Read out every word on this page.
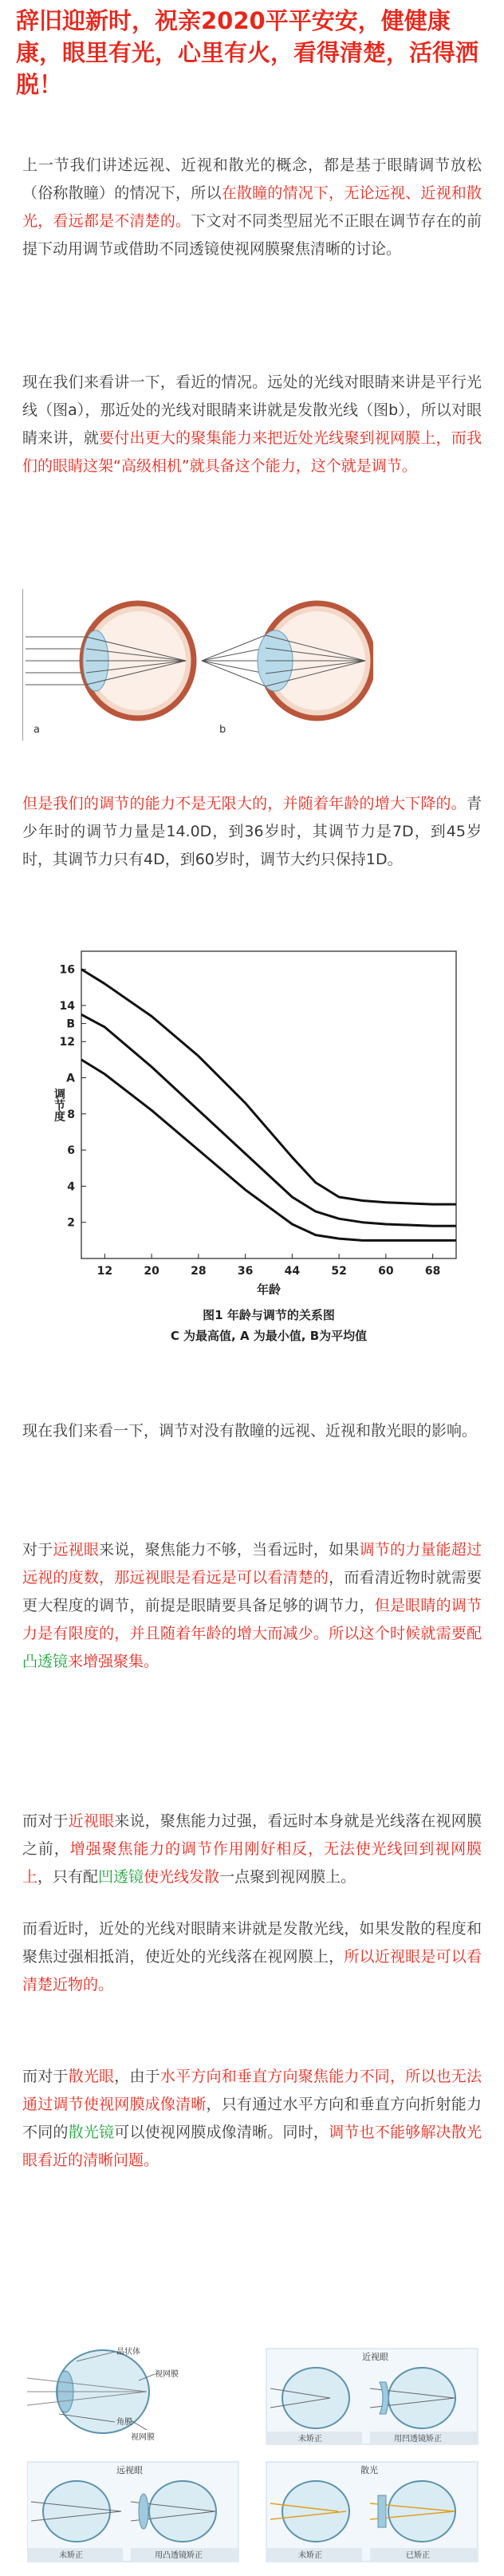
辞旧迎新时，祝亲2020平平安安，健健康康，眼里有光，心里有火，看得清楚，活得洒脱！

上一节我们讲述远视、近视和散光的概念，都是基于眼睛调节放松（俗称散瞳）的情况下，所以在散瞳的情况下，无论远视、近视和散光，看远都是不清楚的。下文对不同类型屈光不正眼在调节存在的前提下动用调节或借助不同透镜使视网膜聚焦清晰的讨论。

现在我们来看讲一下，看近的情况。远处的光线对眼睛来讲是平行光线（图a），那近处的光线对眼睛来讲就是发散光线（图b），所以对眼睛来讲，就要付出更大的聚集能力来把近处光线聚到视网膜上，而我们的眼睛这架“高级相机”就具备这个能力，这个就是调节。

a	b

但是我们的调节的能力不是无限大的，并随着年龄的增大下降的。青少年时的调节力量是14.0D，到36岁时，其调节力是7D，到45岁时，其调节力只有4D，到60岁时，调节大约只保持1D。

16
14
B
12
A
8
6
4
2
12	20	28	36	44	52	60	68
调节度
年龄
图1 年龄与调节的关系图
C 为最高值, A 为最小值, B为平均值

现在我们来看一下，调节对没有散瞳的远视、近视和散光眼的影响。

对于远视眼来说，聚焦能力不够，当看远时，如果调节的力量能超过远视的度数，那远视眼是看远是可以看清楚的，而看清近物时就需要更大程度的调节，前提是眼睛要具备足够的调节力，但是眼睛的调节力是有限度的，并且随着年龄的增大而减少。所以这个时候就需要配凸透镜来增强聚集。

而对于近视眼来说，聚焦能力过强，看远时本身就是光线落在视网膜之前，增强聚焦能力的调节作用刚好相反，无法使光线回到视网膜上，只有配凹透镜使光线发散一点聚到视网膜上。

而看近时，近处的光线对眼睛来讲就是发散光线，如果发散的程度和聚焦过强相抵消，使近处的光线落在视网膜上，所以近视眼是可以看清楚近物的。

而对于散光眼，由于水平方向和垂直方向聚焦能力不同，所以也无法通过调节使视网膜成像清晰，只有通过水平方向和垂直方向折射能力不同的散光镜可以使视网膜成像清晰。同时，调节也不能够解决散光眼看近的清晰问题。

晶状体
视网膜
角膜
视网膜
近视眼
未矫正	用凹透镜矫正
远视眼
未矫正	用凸透镜矫正
散光
未矫正	已矫正
